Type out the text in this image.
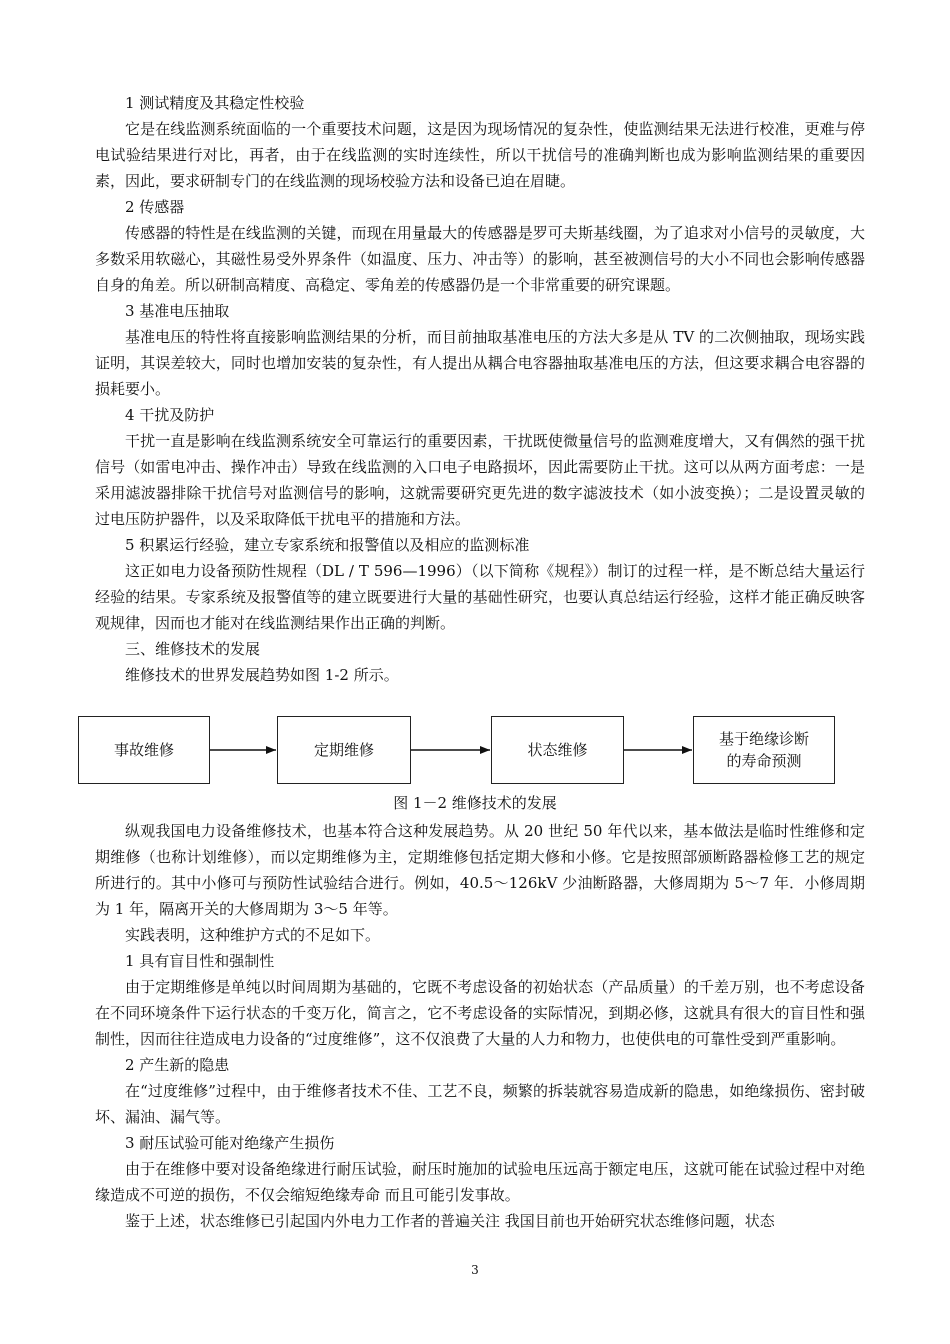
1 测试精度及其稳定性校验

它是在线监测系统面临的一个重要技术问题，这是因为现场情况的复杂性，使监测结果无法进行校准，更难与停电试验结果进行对比，再者，由于在线监测的实时连续性，所以干扰信号的准确判断也成为影响监测结果的重要因素，因此，要求研制专门的在线监测的现场校验方法和设备已迫在眉睫。

2 传感器

传感器的特性是在线监测的关键，而现在用量最大的传感器是罗可夫斯基线圈，为了追求对小信号的灵敏度，大多数采用软磁心，其磁性易受外界条件（如温度、压力、冲击等）的影响，甚至被测信号的大小不同也会影响传感器自身的角差。所以研制高精度、高稳定、零角差的传感器仍是一个非常重要的研究课题。

3 基准电压抽取

基准电压的特性将直接影响监测结果的分析，而目前抽取基准电压的方法大多是从 TV 的二次侧抽取，现场实践证明，其误差较大，同时也增加安装的复杂性，有人提出从耦合电容器抽取基准电压的方法，但这要求耦合电容器的损耗要小。

4 干扰及防护

干扰一直是影响在线监测系统安全可靠运行的重要因素，干扰既使微量信号的监测难度增大，又有偶然的强干扰信号（如雷电冲击、操作冲击）导致在线监测的入口电子电路损坏，因此需要防止干扰。这可以从两方面考虑：一是采用滤波器排除干扰信号对监测信号的影响，这就需要研究更先进的数字滤波技术（如小波变换）；二是设置灵敏的过电压防护器件，以及采取降低干扰电平的措施和方法。

5 积累运行经验，建立专家系统和报警值以及相应的监测标准

这正如电力设备预防性规程（DL / T 596—1996）（以下简称《规程》）制订的过程一样，是不断总结大量运行经验的结果。专家系统及报警值等的建立既要进行大量的基础性研究，也要认真总结运行经验，这样才能正确反映客观规律，因而也才能对在线监测结果作出正确的判断。

三、维修技术的发展

维修技术的世界发展趋势如图 1-2 所示。

事故维修	定期维修	状态维修
基于绝缘诊断
的寿命预测
图 1－2 维修技术的发展

纵观我国电力设备维修技术，也基本符合这种发展趋势。从 20 世纪 50 年代以来，基本做法是临时性维修和定期维修（也称计划维修），而以定期维修为主，定期维修包括定期大修和小修。它是按照部颁断路器检修工艺的规定所进行的。其中小修可与预防性试验结合进行。例如，40.5～126kV 少油断路器，大修周期为 5～7 年．小修周期为 1 年，隔离开关的大修周期为 3～5 年等。

实践表明，这种维护方式的不足如下。

1 具有盲目性和强制性

由于定期维修是单纯以时间周期为基础的，它既不考虑设备的初始状态（产品质量）的千差万别，也不考虑设备在不同环境条件下运行状态的千变万化，简言之，它不考虑设备的实际情况，到期必修，这就具有很大的盲目性和强制性，因而往往造成电力设备的“过度维修”，这不仅浪费了大量的人力和物力，也使供电的可靠性受到严重影响。

2 产生新的隐患

在“过度维修”过程中，由于维修者技术不佳、工艺不良，频繁的拆装就容易造成新的隐患，如绝缘损伤、密封破坏、漏油、漏气等。

3 耐压试验可能对绝缘产生损伤

由于在维修中要对设备绝缘进行耐压试验，耐压时施加的试验电压远高于额定电压，这就可能在试验过程中对绝缘造成不可逆的损伤，不仅会缩短绝缘寿命 而且可能引发事故。

鉴于上述，状态维修已引起国内外电力工作者的普遍关注 我国目前也开始研究状态维修问题，状态

3
